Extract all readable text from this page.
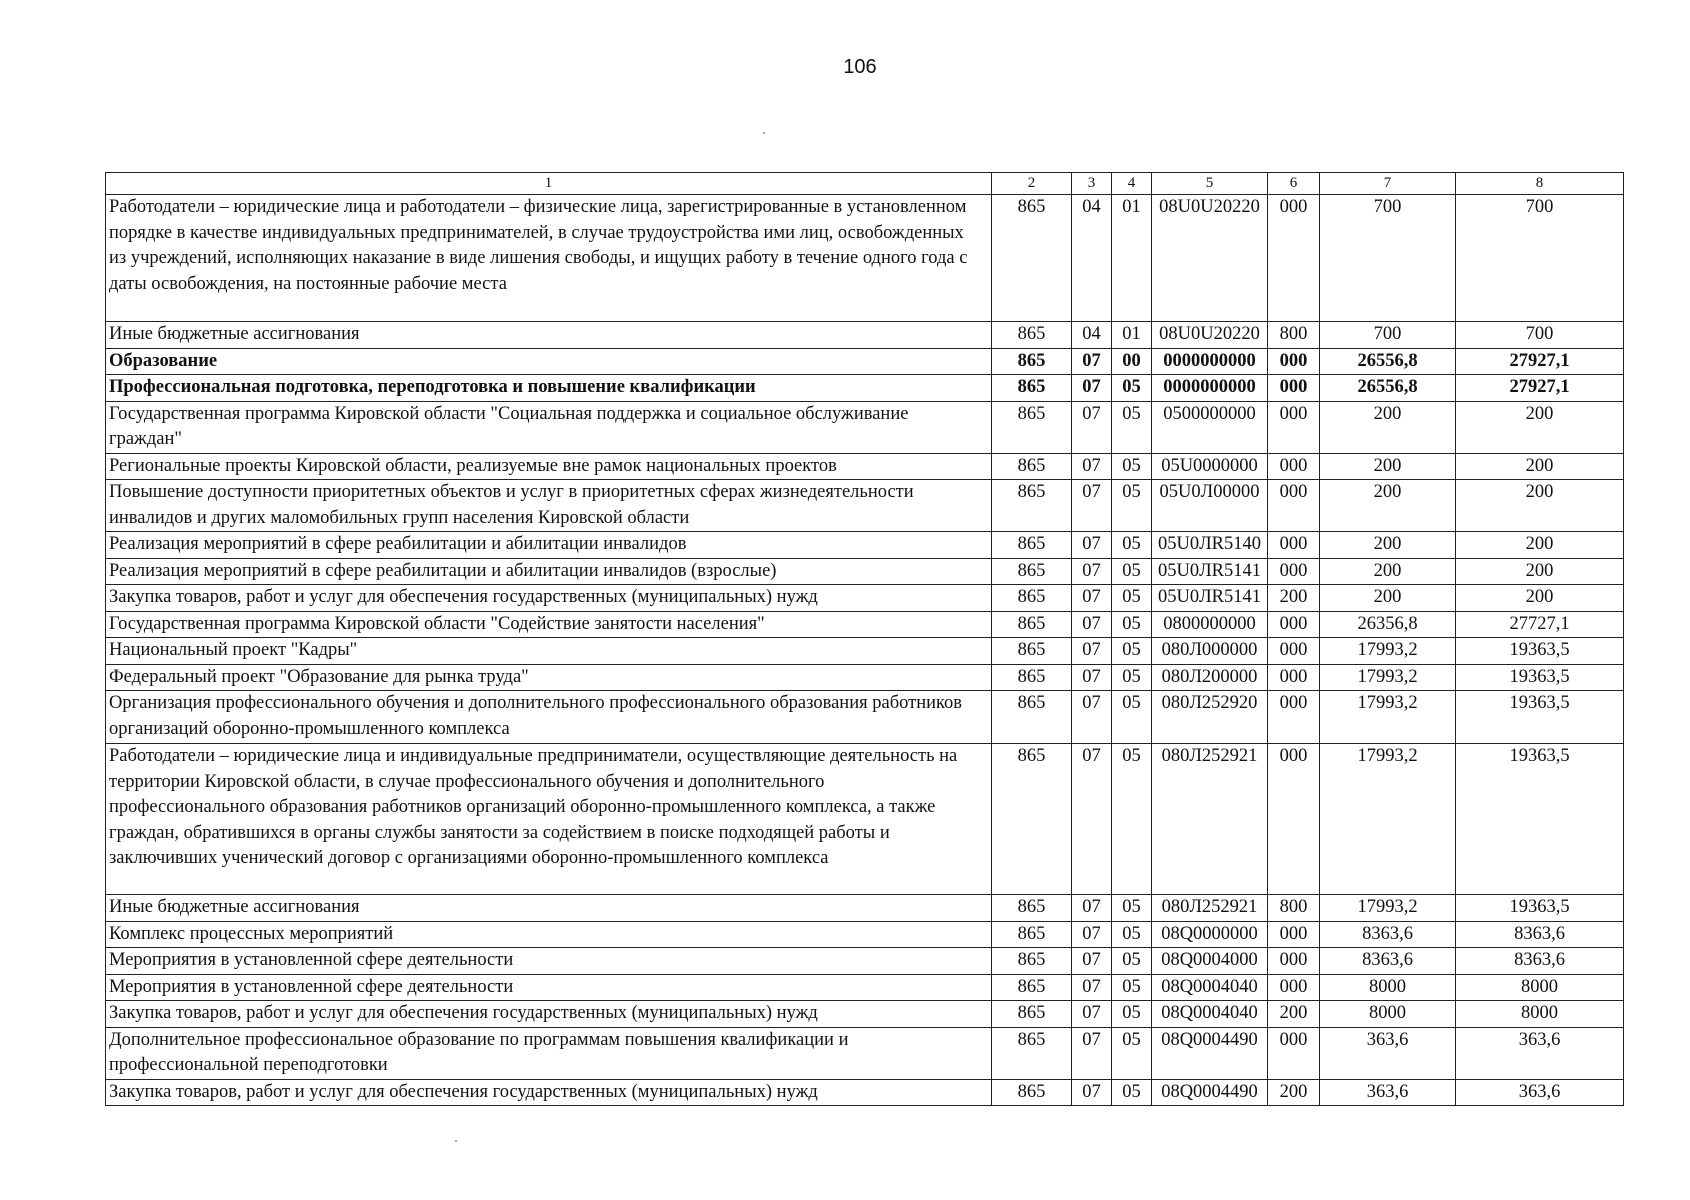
106
1	2	3	4	5	6	7	8
Работодатели – юридические лица и работодатели – физические лица, зарегистрированные в установленном порядке в качестве индивидуальных предпринимателей, в случае трудоустройства ими лиц, освобожденных из учреждений, исполняющих наказание в виде лишения свободы, и ищущих работу в течение одного года с даты освобождения, на постоянные рабочие места	865	04	01	08U0U20220	000	700	700
Иные бюджетные ассигнования	865	04	01	08U0U20220	800	700	700
Образование	865	07	00	0000000000	000	26556,8	27927,1
Профессиональная подготовка, переподготовка и повышение квалификации	865	07	05	0000000000	000	26556,8	27927,1
Государственная программа Кировской области "Социальная поддержка и социальное обслуживание граждан"	865	07	05	0500000000	000	200	200
Региональные проекты Кировской области, реализуемые вне рамок национальных проектов	865	07	05	05U0000000	000	200	200
Повышение доступности приоритетных объектов и услуг в приоритетных сферах жизнедеятельности инвалидов и других маломобильных групп населения Кировской области	865	07	05	05U0Л00000	000	200	200
Реализация мероприятий в сфере реабилитации и абилитации инвалидов	865	07	05	05U0ЛR5140	000	200	200
Реализация мероприятий в сфере реабилитации и абилитации инвалидов (взрослые)	865	07	05	05U0ЛR5141	000	200	200
Закупка товаров, работ и услуг для обеспечения государственных (муниципальных) нужд	865	07	05	05U0ЛR5141	200	200	200
Государственная программа Кировской области "Содействие занятости населения"	865	07	05	0800000000	000	26356,8	27727,1
Национальный проект "Кадры"	865	07	05	080Л000000	000	17993,2	19363,5
Федеральный проект "Образование для рынка труда"	865	07	05	080Л200000	000	17993,2	19363,5
Организация профессионального обучения и дополнительного профессионального образования работников организаций оборонно-промышленного комплекса	865	07	05	080Л252920	000	17993,2	19363,5
Работодатели – юридические лица и индивидуальные предприниматели, осуществляющие деятельность на территории Кировской области, в случае профессионального обучения и дополнительного профессионального образования работников организаций оборонно-промышленного комплекса, а также граждан, обратившихся в органы службы занятости за содействием в поиске подходящей работы и заключивших ученический договор с организациями оборонно-промышленного комплекса	865	07	05	080Л252921	000	17993,2	19363,5
Иные бюджетные ассигнования	865	07	05	080Л252921	800	17993,2	19363,5
Комплекс процессных мероприятий	865	07	05	08Q0000000	000	8363,6	8363,6
Мероприятия в установленной сфере деятельности	865	07	05	08Q0004000	000	8363,6	8363,6
Мероприятия в установленной сфере деятельности	865	07	05	08Q0004040	000	8000	8000
Закупка товаров, работ и услуг для обеспечения государственных (муниципальных) нужд	865	07	05	08Q0004040	200	8000	8000
Дополнительное профессиональное образование по программам повышения квалификации и профессиональной переподготовки	865	07	05	08Q0004490	000	363,6	363,6
Закупка товаров, работ и услуг для обеспечения государственных (муниципальных) нужд	865	07	05	08Q0004490	200	363,6	363,6
